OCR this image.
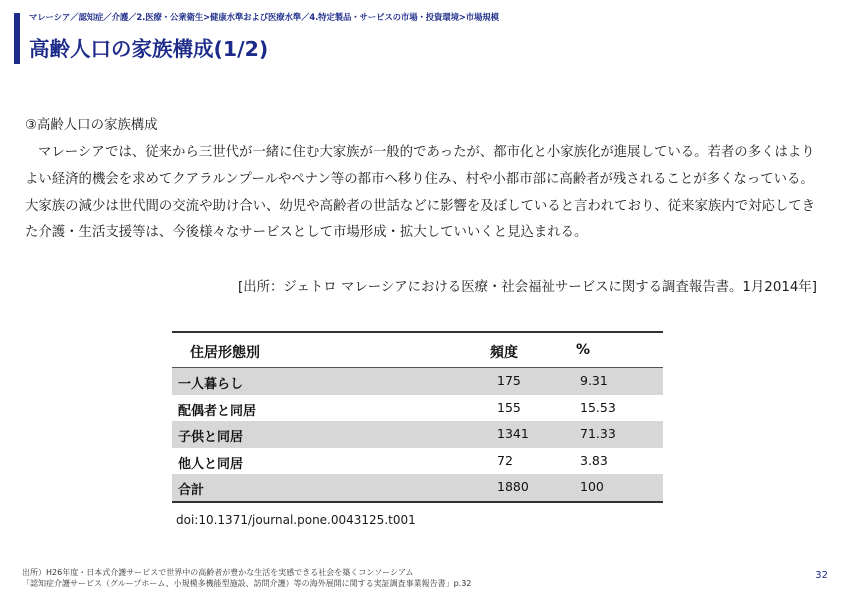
マレーシア／認知症／介護／2.医療・公衆衛生>健康水準および医療水準／4.特定製品・サービスの市場・投資環境>市場規模
高齢人口の家族構成(1/2)
③高齢人口の家族構成

マレーシアでは、従来から三世代が一緒に住む大家族が一般的であったが、都市化と小家族化が進展している。若者の多くはよりよい経済的機会を求めてクアラルンプールやペナン等の都市へ移り住み、村や小都市部に高齢者が残されることが多くなっている。大家族の減少は世代間の交流や助け合い、幼児や高齢者の世話などに影響を及ぼしていると言われており、従来家族内で対応してきた介護・生活支援等は、今後様々なサービスとして市場形成・拡大していいくと見込まれる。

[出所：ジェトロ マレーシアにおける医療・社会福祉サービスに関する調査報告書。1月2014年]
住居形態別	頻度	%
一人暮らし	175	9.31
配偶者と同居	155	15.53
子供と同居	1341	71.33
他人と同居	72	3.83
合計	1880	100
doi:10.1371/journal.pone.0043125.t001
出所）H26年度・日本式介護サービスで世界中の高齢者が豊かな生活を実感できる社会を築くコンソーシアム
「認知症介護サービス（グループホーム、小規模多機能型施設、訪問介護）等の海外展開に関する実証調査事業報告書」p.32
32
